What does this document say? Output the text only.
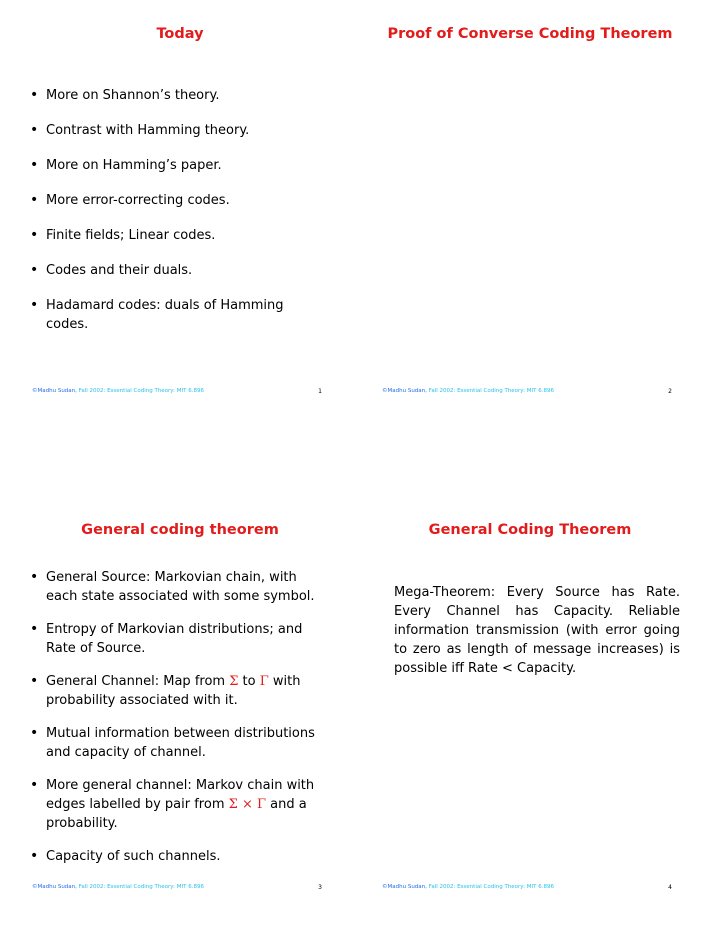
Today
• More on Shannon’s theory.
• Contrast with Hamming theory.
• More on Hamming’s paper.
• More error-correcting codes.
• Finite fields; Linear codes.
• Codes and their duals.
• Hadamard codes: duals of Hamming codes.
©Madhu Sudan, Fall 2002: Essential Coding Theory: MIT 6.896	1
Proof of Converse Coding Theorem
©Madhu Sudan, Fall 2002: Essential Coding Theory: MIT 6.896	2
General coding theorem
• General Source: Markovian chain, with each state associated with some symbol.
• Entropy of Markovian distributions; and Rate of Source.
• General Channel: Map from Σ to Γ with probability associated with it.
• Mutual information between distributions and capacity of channel.
• More general channel: Markov chain with edges labelled by pair from Σ × Γ and a probability.
• Capacity of such channels.
©Madhu Sudan, Fall 2002: Essential Coding Theory: MIT 6.896	3
General Coding Theorem

Mega-Theorem: Every Source has Rate. Every Channel has Capacity. Reliable information transmission (with error going to zero as length of message increases) is possible iff Rate < Capacity.

©Madhu Sudan, Fall 2002: Essential Coding Theory: MIT 6.896	4
